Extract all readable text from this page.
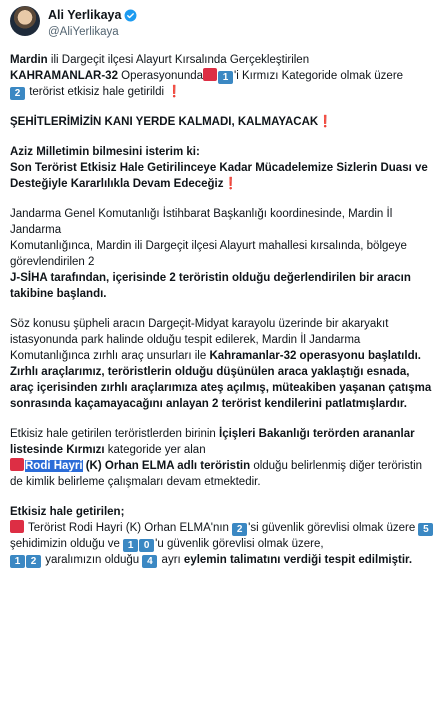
Ali Yerlikaya
@AliYerlikaya

Mardin ili Dargeçit ilçesi Alayurt Kırsalında Gerçekleştirilen
KAHRAMANLAR-32 Operasyonunda 1 'i Kırmızı Kategoride olmak üzere
2 terörist etkisiz hale getirildi ❗

ŞEHİTLERİMİZİN KANI YERDE KALMADI, KALMAYACAK❗

Aziz Milletimin bilmesini isterim ki:
Son Terörist Etkisiz Hale Getirilinceye Kadar Mücadelemize Sizlerin Duası ve Desteğiyle Kararlılıkla Devam Edeceğiz❗

Jandarma Genel Komutanlığı İstihbarat Başkanlığı koordinesinde, Mardin İl Jandarma
Komutanlığınca, Mardin ili Dargeçit ilçesi Alayurt mahallesi kırsalında, bölgeye görevlendirilen 2
J-SİHA tarafından, içerisinde 2 teröristin olduğu değerlendirilen bir aracın takibine başlandı.

Söz konusu şüpheli aracın Dargeçit-Midyat karayolu üzerinde bir akaryakıt istasyonunda park halinde olduğu tespit edilerek, Mardin İl Jandarma Komutanlığınca zırhlı araç unsurları ile Kahramanlar-32 operasyonu başlatıldı. Zırhlı araçlarımız, teröristlerin olduğu düşünülen araca yaklaştığı esnada, araç içerisinden zırhlı araçlarımıza ateş açılmış, müteakiben yaşanan çatışma sonrasında kaçamayacağını anlayan 2 terörist kendilerini patlatmışlardır.

Etkisiz hale getirilen teröristlerden birinin İçişleri Bakanlığı terörden arananlar listesinde Kırmızı kategoride yer alan
Rodi Hayri (K) Orhan ELMA adlı teröristin olduğu belirlenmiş diğer teröristin de kimlik belirleme çalışmaları devam etmektedir.

Etkisiz hale getirilen;
Terörist Rodi Hayri (K) Orhan ELMA'nın 2 'si güvenlik görevlisi olmak üzere 5 şehidimizin olduğu ve 1 0 'u güvenlik görevlisi olmak üzere,
1 2 yaralımızın olduğu 4 ayrı eylemin talimatını verdiği tespit edilmiştir.
